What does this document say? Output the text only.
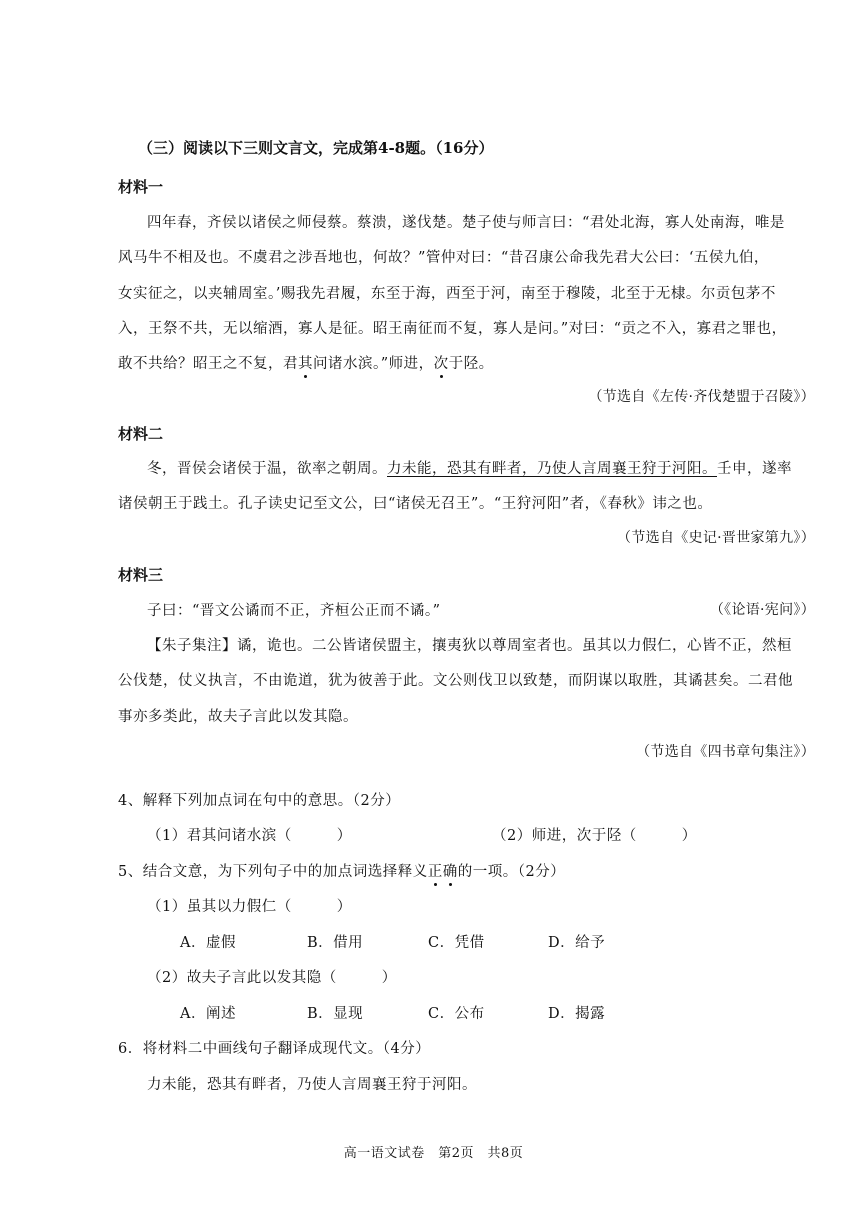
（三）阅读以下三则文言文，完成第4-8题。（16分）
材料一
四年春，齐侯以诸侯之师侵蔡。蔡溃，遂伐楚。楚子使与师言曰：“君处北海，寡人处南海，唯是
风马牛不相及也。不虞君之涉吾地也，何故？”管仲对曰：“昔召康公命我先君大公曰：‘五侯九伯，
女实征之，以夹辅周室。’赐我先君履，东至于海，西至于河，南至于穆陵，北至于无棣。尔贡包茅不
入，王祭不共，无以缩酒，寡人是征。昭王南征而不复，寡人是问。”对曰：“贡之不入，寡君之罪也，
敢不共给？昭王之不复，君其问诸水滨。”师进，次于陉。
（节选自《左传·齐伐楚盟于召陵》）
材料二
冬，晋侯会诸侯于温，欲率之朝周。力未能，恐其有畔者，乃使人言周襄王狩于河阳。壬申，遂率
诸侯朝王于践土。孔子读史记至文公，曰“诸侯无召王”。“王狩河阳”者，《春秋》讳之也。
（节选自《史记·晋世家第九》）
材料三
子曰：“晋文公谲而不正，齐桓公正而不谲。”	（《论语·宪问》）
【朱子集注】谲，诡也。二公皆诸侯盟主，攘夷狄以尊周室者也。虽其以力假仁，心皆不正，然桓
公伐楚，仗义执言，不由诡道，犹为彼善于此。文公则伐卫以致楚，而阴谋以取胜，其谲甚矣。二君他
事亦多类此，故夫子言此以发其隐。
（节选自《四书章句集注》）
4、解释下列加点词在句中的意思。（2分）
（1）君其问诸水滨（　　　）	（2）师进，次于陉（　　　）
5、结合文意，为下列句子中的加点词选择释义正确的一项。（2分）
（1）虽其以力假仁（　　　）
A．虚假	B．借用	C．凭借	D．给予
（2）故夫子言此以发其隐（　　　）
A．阐述	B．显现	C．公布	D．揭露
6．将材料二中画线句子翻译成现代文。（4分）
力未能，恐其有畔者，乃使人言周襄王狩于河阳。
高一语文试卷　第2页　共8页
